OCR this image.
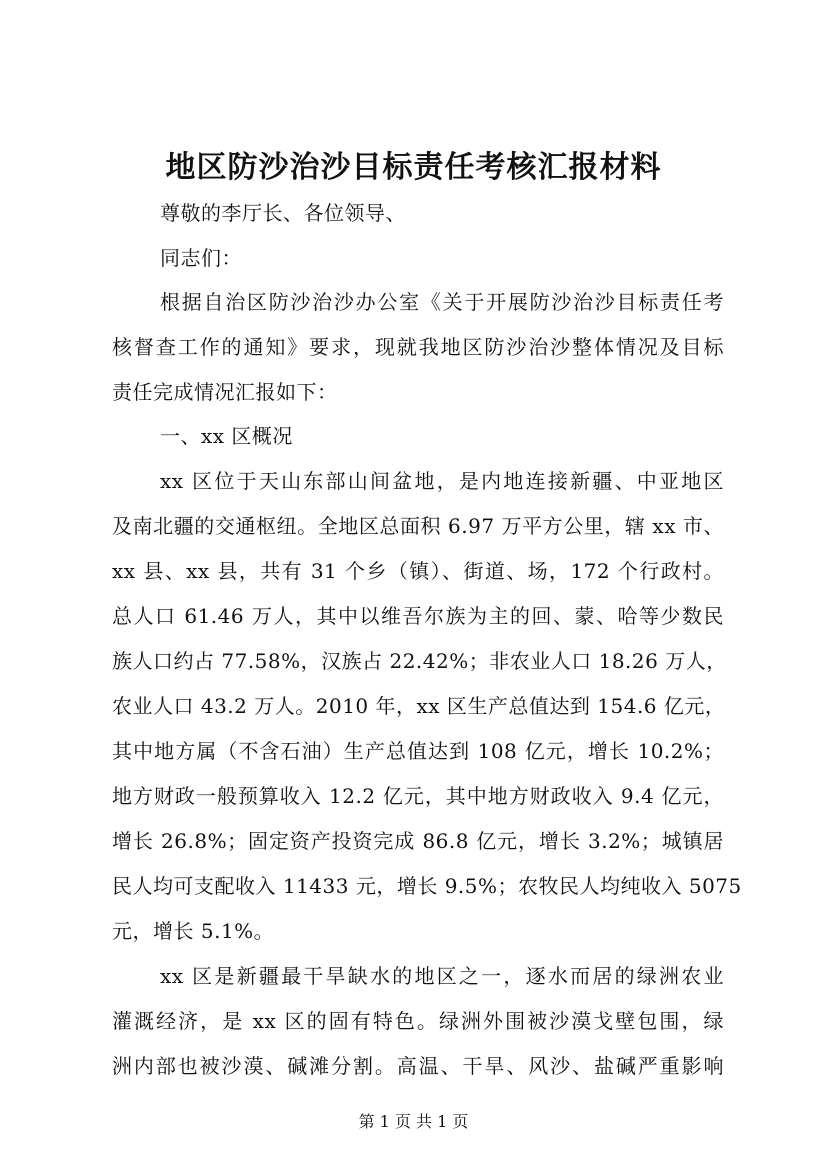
地区防沙治沙目标责任考核汇报材料
尊敬的李厅长、各位领导、
同志们：
根据自治区防沙治沙办公室《关于开展防沙治沙目标责任考
核督查工作的通知》要求，现就我地区防沙治沙整体情况及目标
责任完成情况汇报如下：
一、xx 区概况
xx 区位于天山东部山间盆地，是内地连接新疆、中亚地区
及南北疆的交通枢纽。全地区总面积 6.97 万平方公里，辖 xx 市、
xx 县、xx 县，共有 31 个乡（镇）、街道、场，172 个行政村。
总人口 61.46 万人，其中以维吾尔族为主的回、蒙、哈等少数民
族人口约占 77.58%，汉族占 22.42%；非农业人口 18.26 万人，
农业人口 43.2 万人。2010 年，xx 区生产总值达到 154.6 亿元，
其中地方属（不含石油）生产总值达到 108 亿元，增长 10.2%；
地方财政一般预算收入 12.2 亿元，其中地方财政收入 9.4 亿元，
增长 26.8%；固定资产投资完成 86.8 亿元，增长 3.2%；城镇居
民人均可支配收入 11433 元，增长 9.5%；农牧民人均纯收入 5075
元，增长 5.1%。
xx 区是新疆最干旱缺水的地区之一，逐水而居的绿洲农业
灌溉经济，是 xx 区的固有特色。绿洲外围被沙漠戈壁包围，绿
洲内部也被沙漠、碱滩分割。高温、干旱、风沙、盐碱严重影响
第 1 页 共 1 页
